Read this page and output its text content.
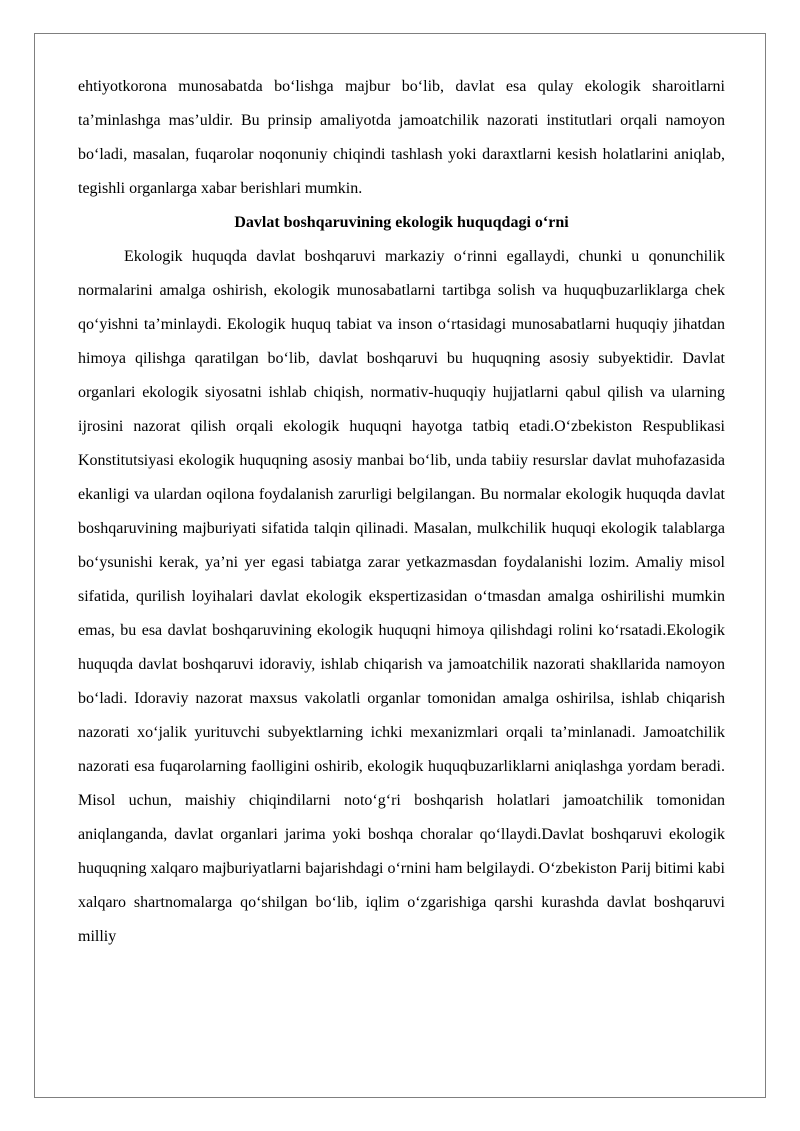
ehtiyotkorona munosabatda bo‘lishga majbur bo‘lib, davlat esa qulay ekologik sharoitlarni ta’minlashga mas’uldir. Bu prinsip amaliyotda jamoatchilik nazorati institutlari orqali namoyon bo‘ladi, masalan, fuqarolar noqonuniy chiqindi tashlash yoki daraxtlarni kesish holatlarini aniqlab, tegishli organlarga xabar berishlari mumkin.

Davlat boshqaruvining ekologik huquqdagi o‘rni

Ekologik huquqda davlat boshqaruvi markaziy o‘rinni egallaydi, chunki u qonunchilik normalarini amalga oshirish, ekologik munosabatlarni tartibga solish va huquqbuzarliklarga chek qo‘yishni ta’minlaydi. Ekologik huquq tabiat va inson o‘rtasidagi munosabatlarni huquqiy jihatdan himoya qilishga qaratilgan bo‘lib, davlat boshqaruvi bu huquqning asosiy subyektidir. Davlat organlari ekologik siyosatni ishlab chiqish, normativ-huquqiy hujjatlarni qabul qilish va ularning ijrosini nazorat qilish orqali ekologik huquqni hayotga tatbiq etadi.O‘zbekiston Respublikasi Konstitutsiyasi ekologik huquqning asosiy manbai bo‘lib, unda tabiiy resurslar davlat muhofazasida ekanligi va ulardan oqilona foydalanish zarurligi belgilangan. Bu normalar ekologik huquqda davlat boshqaruvining majburiyati sifatida talqin qilinadi. Masalan, mulkchilik huquqi ekologik talablarga bo‘ysunishi kerak, ya’ni yer egasi tabiatga zarar yetkazmasdan foydalanishi lozim. Amaliy misol sifatida, qurilish loyihalari davlat ekologik ekspertizasidan o‘tmasdan amalga oshirilishi mumkin emas, bu esa davlat boshqaruvining ekologik huquqni himoya qilishdagi rolini ko‘rsatadi.Ekologik huquqda davlat boshqaruvi idoraviy, ishlab chiqarish va jamoatchilik nazorati shakllarida namoyon bo‘ladi. Idoraviy nazorat maxsus vakolatli organlar tomonidan amalga oshirilsa, ishlab chiqarish nazorati xo‘jalik yurituvchi subyektlarning ichki mexanizmlari orqali ta’minlanadi. Jamoatchilik nazorati esa fuqarolarning faolligini oshirib, ekologik huquqbuzarliklarni aniqlashga yordam beradi. Misol uchun, maishiy chiqindilarni noto‘g‘ri boshqarish holatlari jamoatchilik tomonidan aniqlanganda, davlat organlari jarima yoki boshqa choralar qo‘llaydi.Davlat boshqaruvi ekologik huquqning xalqaro majburiyatlarni bajarishdagi o‘rnini ham belgilaydi. O‘zbekiston Parij bitimi kabi xalqaro shartnomalarga qo‘shilgan bo‘lib, iqlim o‘zgarishiga qarshi kurashda davlat boshqaruvi milliy
